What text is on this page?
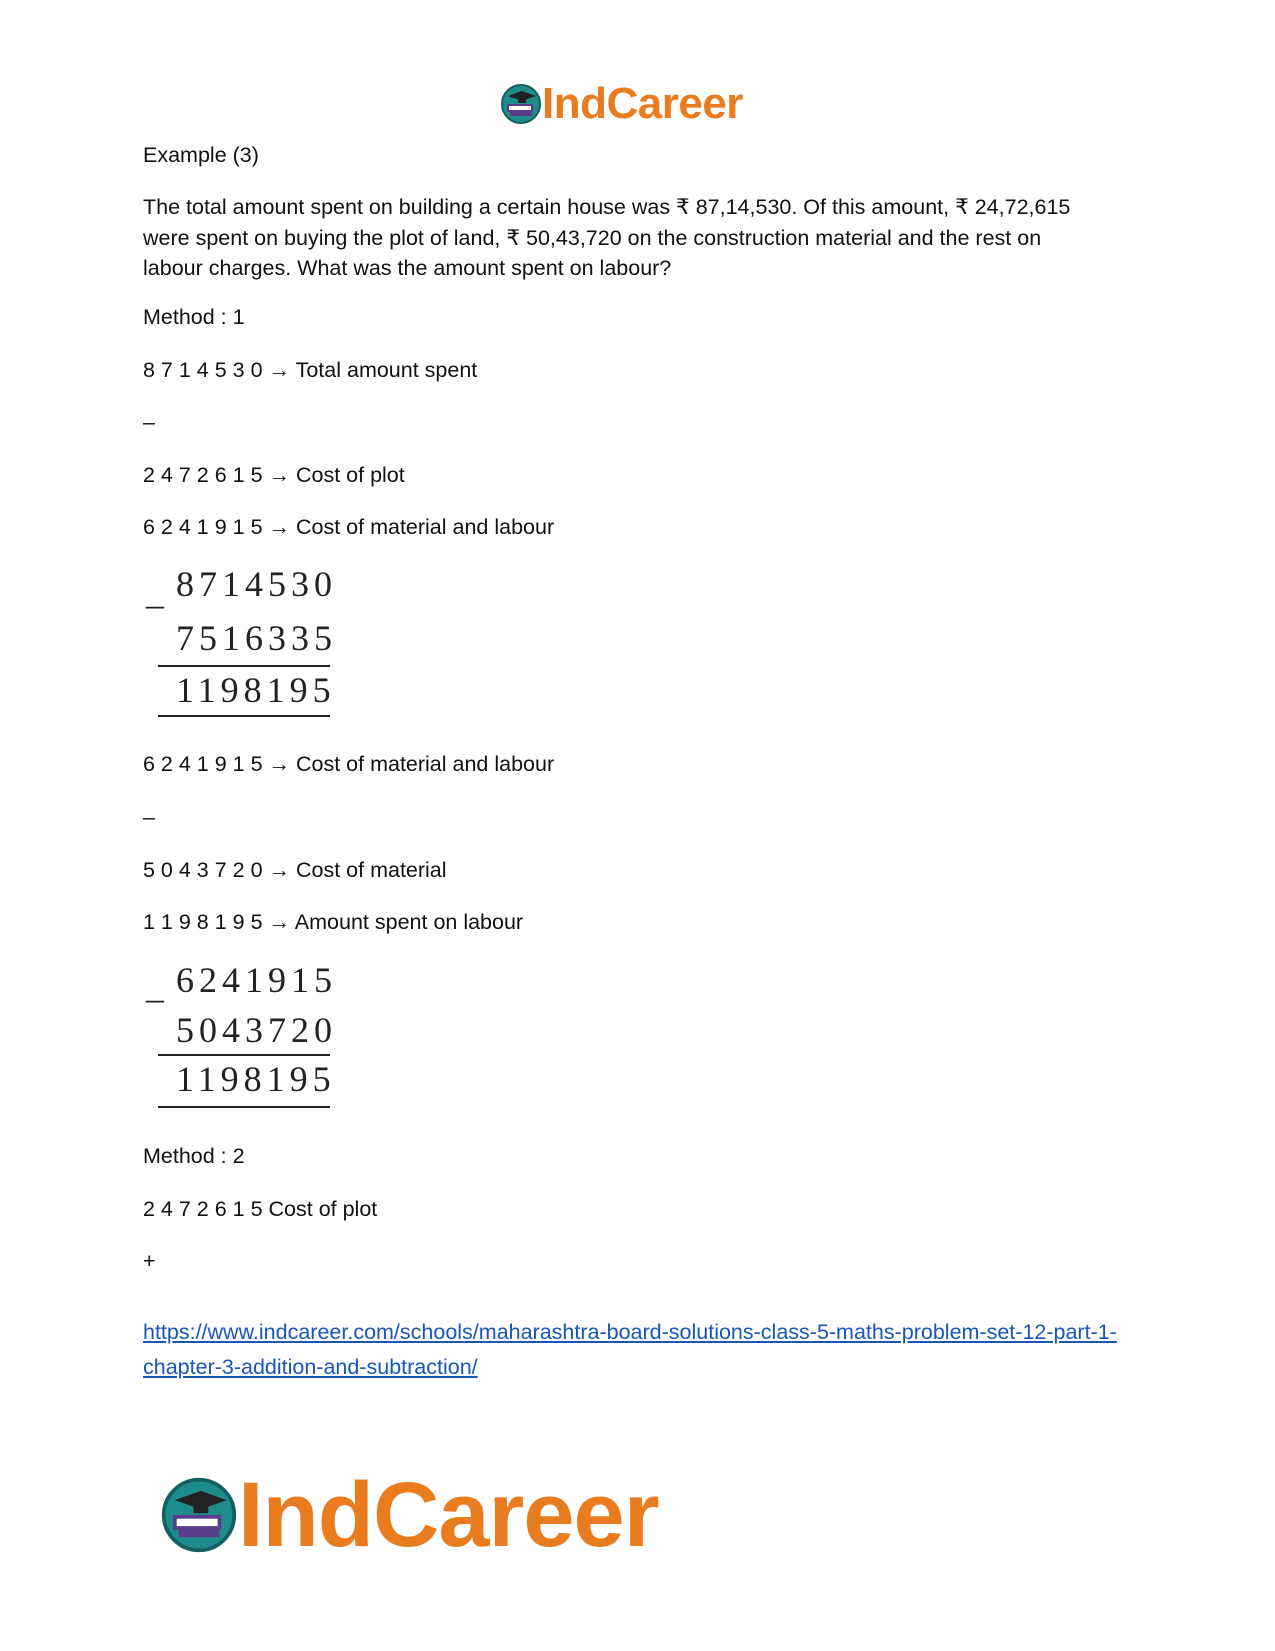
IndCareer
Example (3)
The total amount spent on building a certain house was ₹ 87,14,530. Of this amount, ₹ 24,72,615 were spent on buying the plot of land, ₹ 50,43,720 on the construction material and the rest on labour charges. What was the amount spent on labour?
Method : 1
8 7 1 4 5 3 0 → Total amount spent
–
2 4 7 2 6 1 5 → Cost of plot
6 2 4 1 9 1 5 → Cost of material and labour
– 8714530
7516335
1198195
6 2 4 1 9 1 5 → Cost of material and labour
–
5 0 4 3 7 2 0 → Cost of material
1 1 9 8 1 9 5 → Amount spent on labour
– 6241915
5043720
1198195
Method : 2
2 4 7 2 6 1 5 Cost of plot
+
https://www.indcareer.com/schools/maharashtra-board-solutions-class-5-maths-problem-set-12-part-1-chapter-3-addition-and-subtraction/
IndCareer
